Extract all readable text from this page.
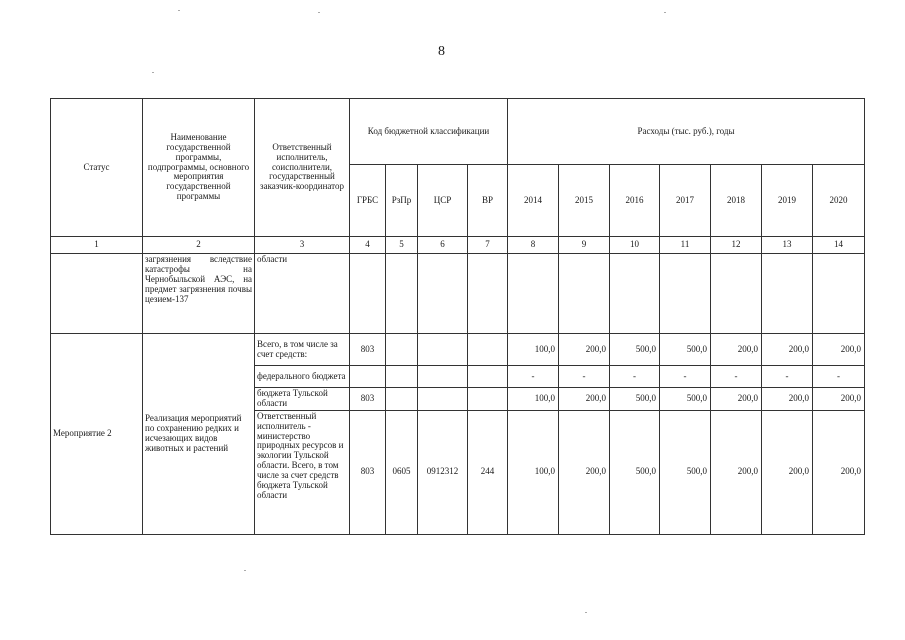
8
Статус	Наименование государственной программы, подпрограммы, основного мероприятия государственной программы	Ответственный исполнитель, соисполнители, государственный заказчик-координатор	Код бюджетной классификации				Расходы (тыс. руб.), годы						
			ГРБС	РзПр	ЦСР	ВР	2014	2015	2016	2017	2018	2019	2020
1	2	3	4	5	6	7	8	9	10	11	12	13	14
	загрязнения вследствие катастрофы на Чернобыльской АЭС, на предмет загрязнения почвы цезием-137	области											
Мероприятие 2	Реализация мероприятий по сохранению редких и исчезающих видов животных и растений	Всего, в том числе за счет средств:	803				100,0	200,0	500,0	500,0	200,0	200,0	200,0
		федерального бюджета					-	-	-	-	-	-	-
		бюджета Тульской области	803				100,0	200,0	500,0	500,0	200,0	200,0	200,0
		Ответственный исполнитель - министерство природных ресурсов и экологии Тульской области. Всего, в том числе за счет средств бюджета Тульской области	803	0605	0912312	244	100,0	200,0	500,0	500,0	200,0	200,0	200,0
